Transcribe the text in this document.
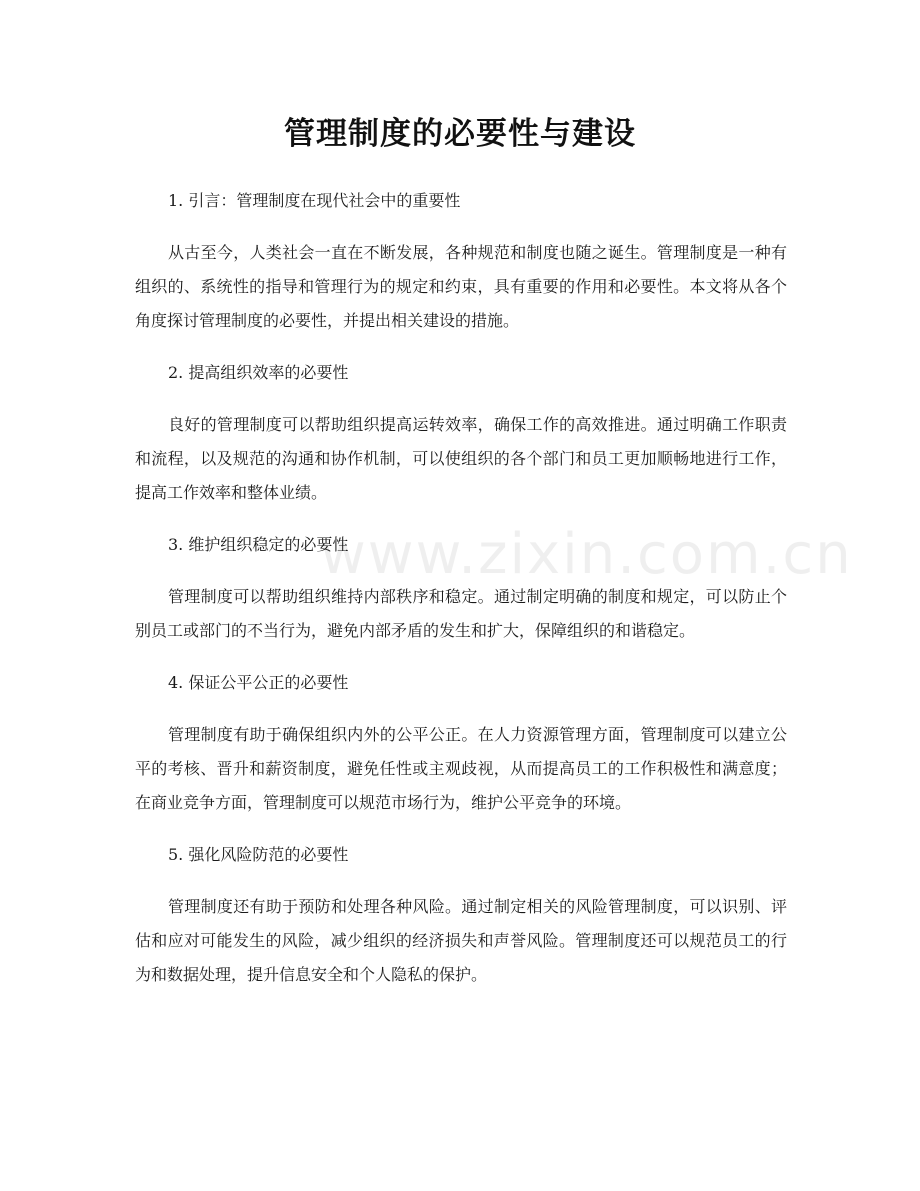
www.zixin.com.cn
管理制度的必要性与建设

1. 引言：管理制度在现代社会中的重要性

从古至今，人类社会一直在不断发展，各种规范和制度也随之诞生。管理制度是一种有组织的、系统性的指导和管理行为的规定和约束，具有重要的作用和必要性。本文将从各个角度探讨管理制度的必要性，并提出相关建设的措施。

2. 提高组织效率的必要性

良好的管理制度可以帮助组织提高运转效率，确保工作的高效推进。通过明确工作职责和流程，以及规范的沟通和协作机制，可以使组织的各个部门和员工更加顺畅地进行工作，提高工作效率和整体业绩。

3. 维护组织稳定的必要性

管理制度可以帮助组织维持内部秩序和稳定。通过制定明确的制度和规定，可以防止个别员工或部门的不当行为，避免内部矛盾的发生和扩大，保障组织的和谐稳定。

4. 保证公平公正的必要性

管理制度有助于确保组织内外的公平公正。在人力资源管理方面，管理制度可以建立公平的考核、晋升和薪资制度，避免任性或主观歧视，从而提高员工的工作积极性和满意度；在商业竞争方面，管理制度可以规范市场行为，维护公平竞争的环境。

5. 强化风险防范的必要性

管理制度还有助于预防和处理各种风险。通过制定相关的风险管理制度，可以识别、评估和应对可能发生的风险，减少组织的经济损失和声誉风险。管理制度还可以规范员工的行为和数据处理，提升信息安全和个人隐私的保护。
